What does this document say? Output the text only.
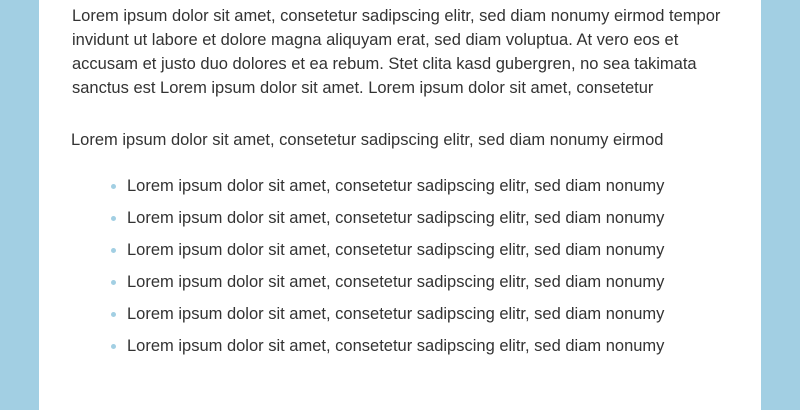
Lorem ipsum dolor sit amet, consetetur sadipscing elitr, sed diam nonumy eirmod tempor invidunt ut labore et dolore magna aliquyam erat, sed diam voluptua. At vero eos et accusam et justo duo dolores et ea rebum. Stet clita kasd gubergren, no sea takimata sanctus est Lorem ipsum dolor sit amet. Lorem ipsum dolor sit amet, consetetur

Lorem ipsum dolor sit amet, consetetur sadipscing elitr, sed diam nonumy eirmod

Lorem ipsum dolor sit amet, consetetur sadipscing elitr, sed diam nonumy
Lorem ipsum dolor sit amet, consetetur sadipscing elitr, sed diam nonumy
Lorem ipsum dolor sit amet, consetetur sadipscing elitr, sed diam nonumy
Lorem ipsum dolor sit amet, consetetur sadipscing elitr, sed diam nonumy
Lorem ipsum dolor sit amet, consetetur sadipscing elitr, sed diam nonumy
Lorem ipsum dolor sit amet, consetetur sadipscing elitr, sed diam nonumy
